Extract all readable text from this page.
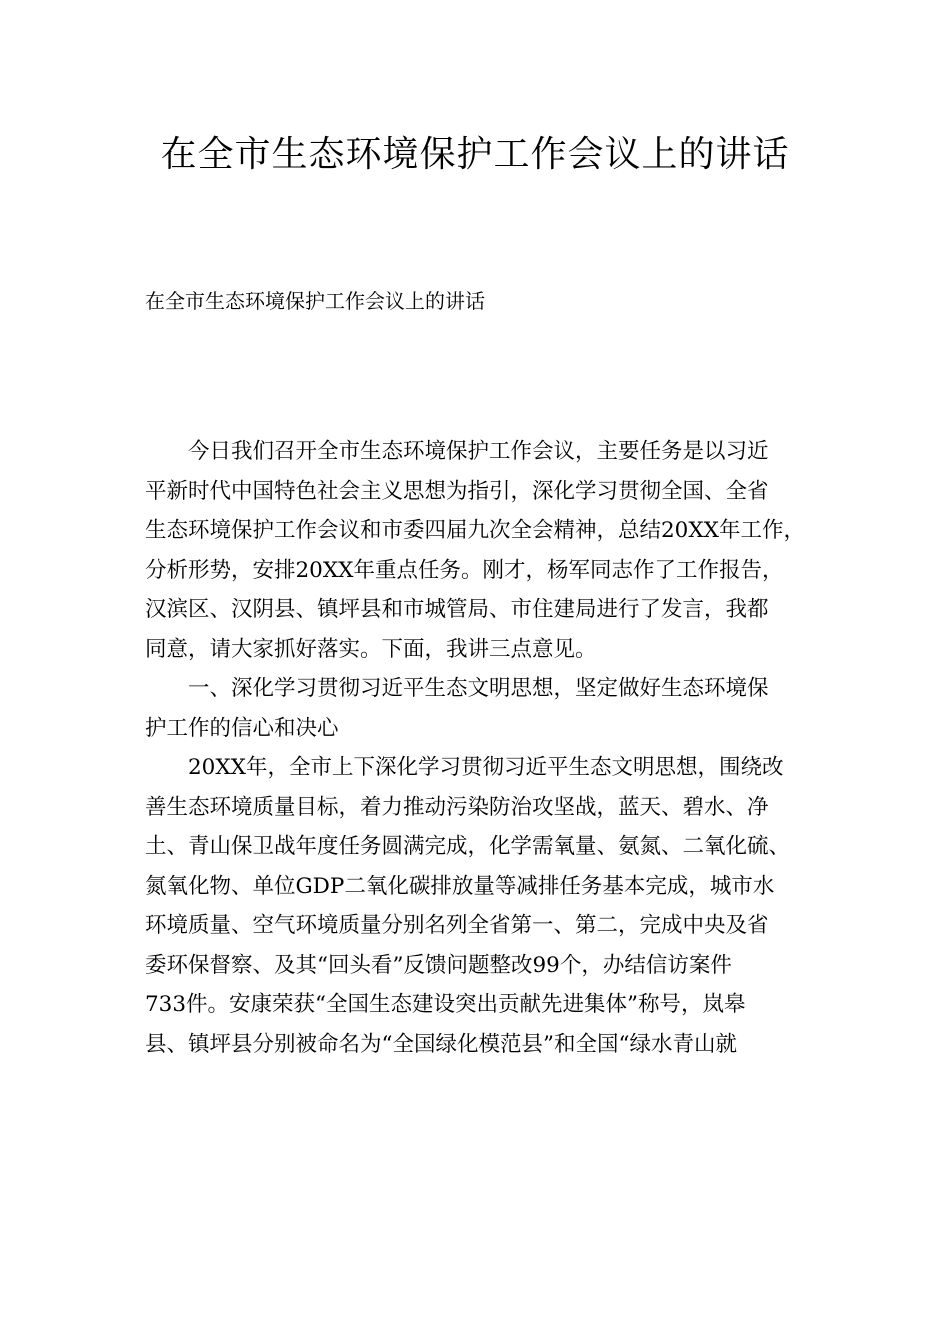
在全市生态环境保护工作会议上的讲话

在全市生态环境保护工作会议上的讲话

今日我们召开全市生态环境保护工作会议，主要任务是以习近
平新时代中国特色社会主义思想为指引，深化学习贯彻全国、全省
生态环境保护工作会议和市委四届九次全会精神，总结20XX年工作，
分析形势，安排20XX年重点任务。刚才，杨军同志作了工作报告，
汉滨区、汉阴县、镇坪县和市城管局、市住建局进行了发言，我都
同意，请大家抓好落实。下面，我讲三点意见。
一、深化学习贯彻习近平生态文明思想，坚定做好生态环境保
护工作的信心和决心
20XX年，全市上下深化学习贯彻习近平生态文明思想，围绕改
善生态环境质量目标，着力推动污染防治攻坚战，蓝天、碧水、净
土、青山保卫战年度任务圆满完成，化学需氧量、氨氮、二氧化硫、
氮氧化物、单位GDP二氧化碳排放量等减排任务基本完成，城市水
环境质量、空气环境质量分别名列全省第一、第二，完成中央及省
委环保督察、及其“回头看”反馈问题整改99个，办结信访案件
733件。安康荣获“全国生态建设突出贡献先进集体”称号，岚皋
县、镇坪县分别被命名为“全国绿化模范县”和全国“绿水青山就
